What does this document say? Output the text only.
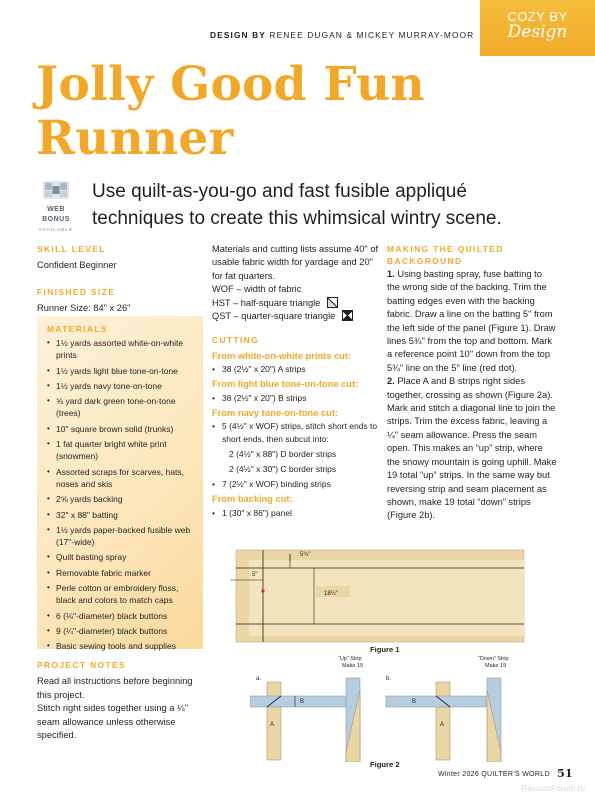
COZY BY
Design
DESIGN BY RENEE DUGAN & MICKEY MURRAY-MOOR
Jolly Good Fun
Runner
WEB
BONUS
AVAILABLE
Use quilt-as-you-go and fast fusible appliqué techniques to create this whimsical wintry scene.
SKILL LEVEL
Confident Beginner
FINISHED SIZE
Runner Size: 84" x 26"
MATERIALS
• 1½ yards assorted white-on-white prints
• 1½ yards light blue tone-on-tone
• 1½ yards navy tone-on-tone
• ⅝ yard dark green tone-on-tone (trees)
• 10" square brown solid (trunks)
• 1 fat quarter bright white print (snowmen)
• Assorted scraps for scarves, hats, noses and skis
• 2⅝ yards backing
• 32" x 88" batting
• 1½ yards paper-backed fusible web (17"-wide)
• Quilt basting spray
• Removable fabric marker
• Perle cotton or embroidery floss, black and colors to match caps
• 6 (⅛"-diameter) black buttons
• 9 (¼"-diameter) black buttons
• Basic sewing tools and supplies
PROJECT NOTES
Read all instructions before beginning this project.
Stitch right sides together using a ¼" seam allowance unless otherwise specified.
Materials and cutting lists assume 40" of usable fabric width for yardage and 20" for fat quarters.
WOF – width of fabric
HST – half-square triangle
QST – quarter-square triangle
CUTTING
From white-on-white prints cut:
• 38 (2½" x 20") A strips
From light blue tone-on-tone cut:
• 38 (2½" x 20") B strips
From navy tone-on-tone cut:
• 5 (4½" x WOF) strips, stitch short ends to short ends, then subcut into:
2 (4½" x 88") D border strips
2 (4½" x 30") C border strips
• 7 (2½" x WOF) binding strips
From backing cut:
• 1 (30" x 86") panel
MAKING THE QUILTED BACKGROUND
1. Using basting spray, fuse batting to the wrong side of the backing. Trim the batting edges even with the backing fabric. Draw a line on the batting 5" from the left side of the panel (Figure 1). Draw lines 5¾" from the top and bottom. Mark a reference point 10" down from the top 5¾" line on the 5" line (red dot).
2. Place A and B strips right sides together, crossing as shown (Figure 2a). Mark and stitch a diagonal line to join the strips. Trim the excess fabric, leaving a ¼" seam allowance. Press the seam open. This makes an “up” strip, where the snowy mountain is going uphill. Make 19 total “up” strips. In the same way but reversing strip and seam placement as shown, make 19 total “down” strips (Figure 2b).
5¾"
5"
18½"
Figure 1
a.	b.
A
B
A
B
“Up” Strip
Make 19
“Down” Strip
Make 19
Figure 2
Winter 2026 QUILTER’S WORLD 51
PassionForum.ru
